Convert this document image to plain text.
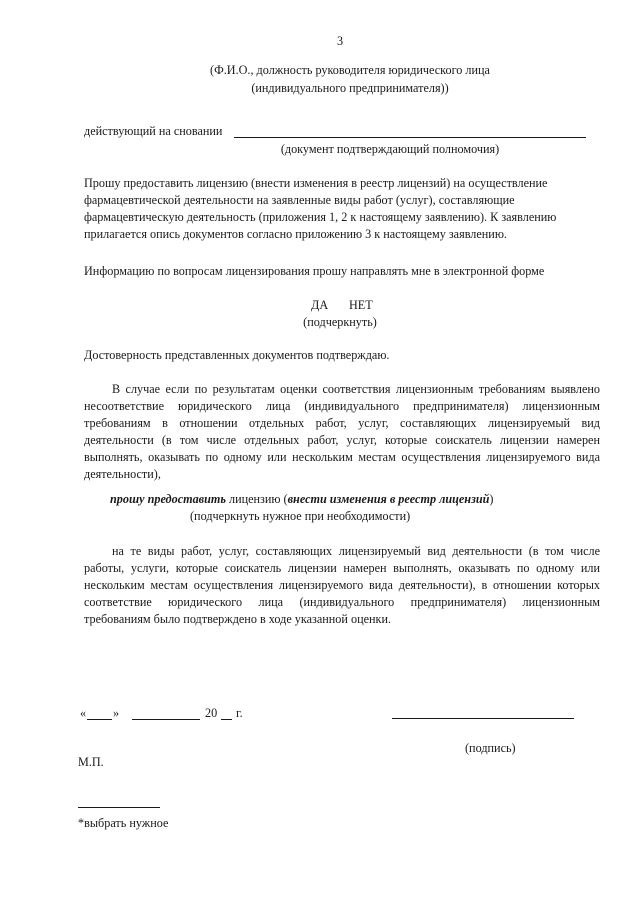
3
(Ф.И.О., должность руководителя юридического лица
(индивидуального предпринимателя))
действующий на сновании
(документ подтверждающий полномочия)
Прошу предоставить лицензию (внести изменения в реестр лицензий) на осуществление
фармацевтической деятельности на заявленные виды работ (услуг), составляющие
фармацевтическую деятельность (приложения 1, 2 к настоящему заявлению). К заявлению
прилагается опись документов согласно приложению 3 к настоящему заявлению.
Информацию по вопросам лицензирования прошу направлять мне в электронной форме
ДА НЕТ
(подчеркнуть)
Достоверность представленных документов подтверждаю.
В случае если по результатам оценки соответствия лицензионным требованиям выявлено несоответствие юридического лица (индивидуального предпринимателя) лицензионным требованиям в отношении отдельных работ, услуг, составляющих лицензируемый вид деятельности (в том числе отдельных работ, услуг, которые соискатель лицензии намерен выполнять, оказывать по одному или нескольким местам осуществления лицензируемого вида деятельности),
прошу предоставить лицензию (внести изменения в реестр лицензий)
(подчеркнуть нужное при необходимости)
на те виды работ, услуг, составляющих лицензируемый вид деятельности (в том числе работы, услуги, которые соискатель лицензии намерен выполнять, оказывать по одному или нескольким местам осуществления лицензируемого вида деятельности), в отношении которых соответствие юридического лица (индивидуального предпринимателя) лицензионным требованиям было подтверждено в ходе указанной оценки.
« »	20 г.
(подпись)
М.П.
*выбрать нужное
